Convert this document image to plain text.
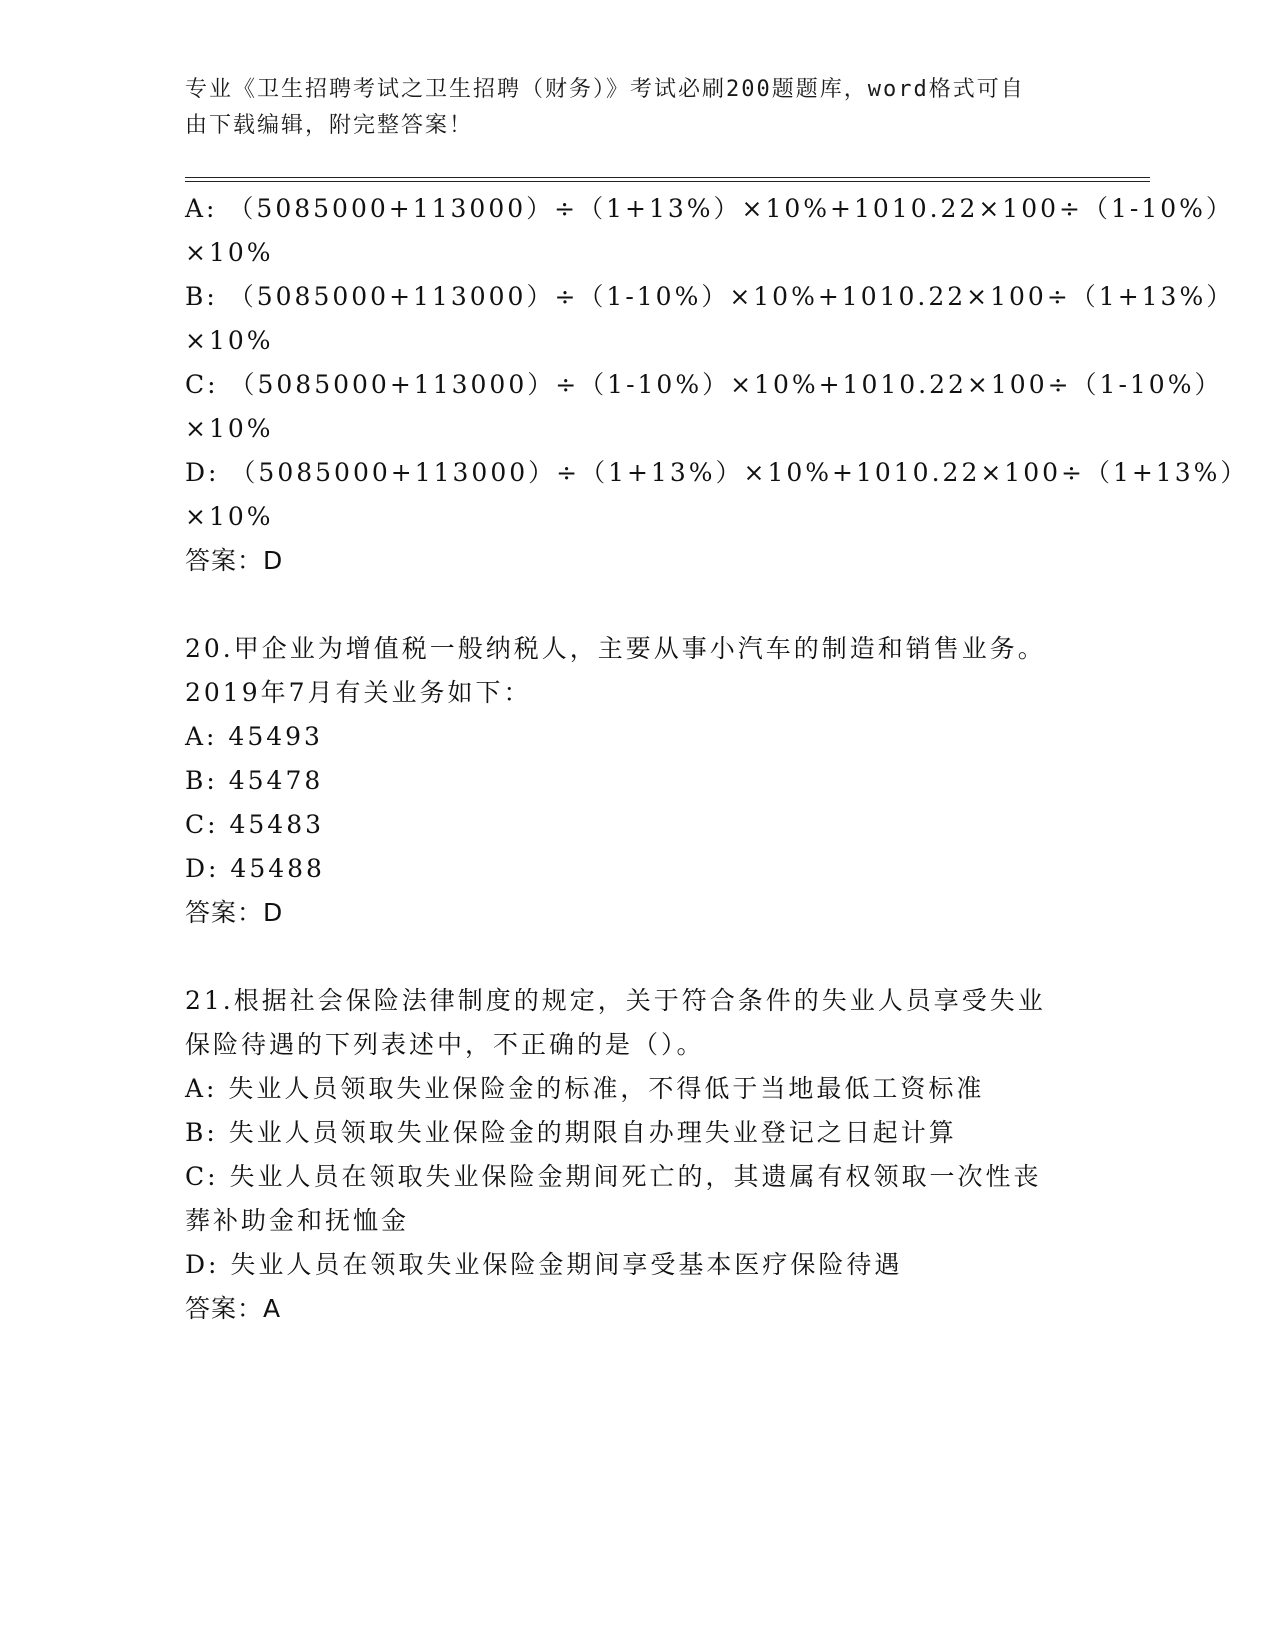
专业《卫生招聘考试之卫生招聘（财务）》考试必刷200题题库，word格式可自
由下载编辑，附完整答案！
A: （5085000+113000）÷（1+13%）×10%+1010.22×100÷（1-10%）
×10%
B: （5085000+113000）÷（1-10%）×10%+1010.22×100÷（1+13%）
×10%
C: （5085000+113000）÷（1-10%）×10%+1010.22×100÷（1-10%）
×10%
D: （5085000+113000）÷（1+13%）×10%+1010.22×100÷（1+13%）
×10%
答案：D
20.甲企业为增值税一般纳税人，主要从事小汽车的制造和销售业务。
2019年7月有关业务如下：
A: 45493
B: 45478
C: 45483
D: 45488
答案：D
21.根据社会保险法律制度的规定，关于符合条件的失业人员享受失业
保险待遇的下列表述中，不正确的是（）。
A: 失业人员领取失业保险金的标准，不得低于当地最低工资标准
B: 失业人员领取失业保险金的期限自办理失业登记之日起计算
C: 失业人员在领取失业保险金期间死亡的，其遗属有权领取一次性丧
葬补助金和抚恤金
D: 失业人员在领取失业保险金期间享受基本医疗保险待遇
答案：A
